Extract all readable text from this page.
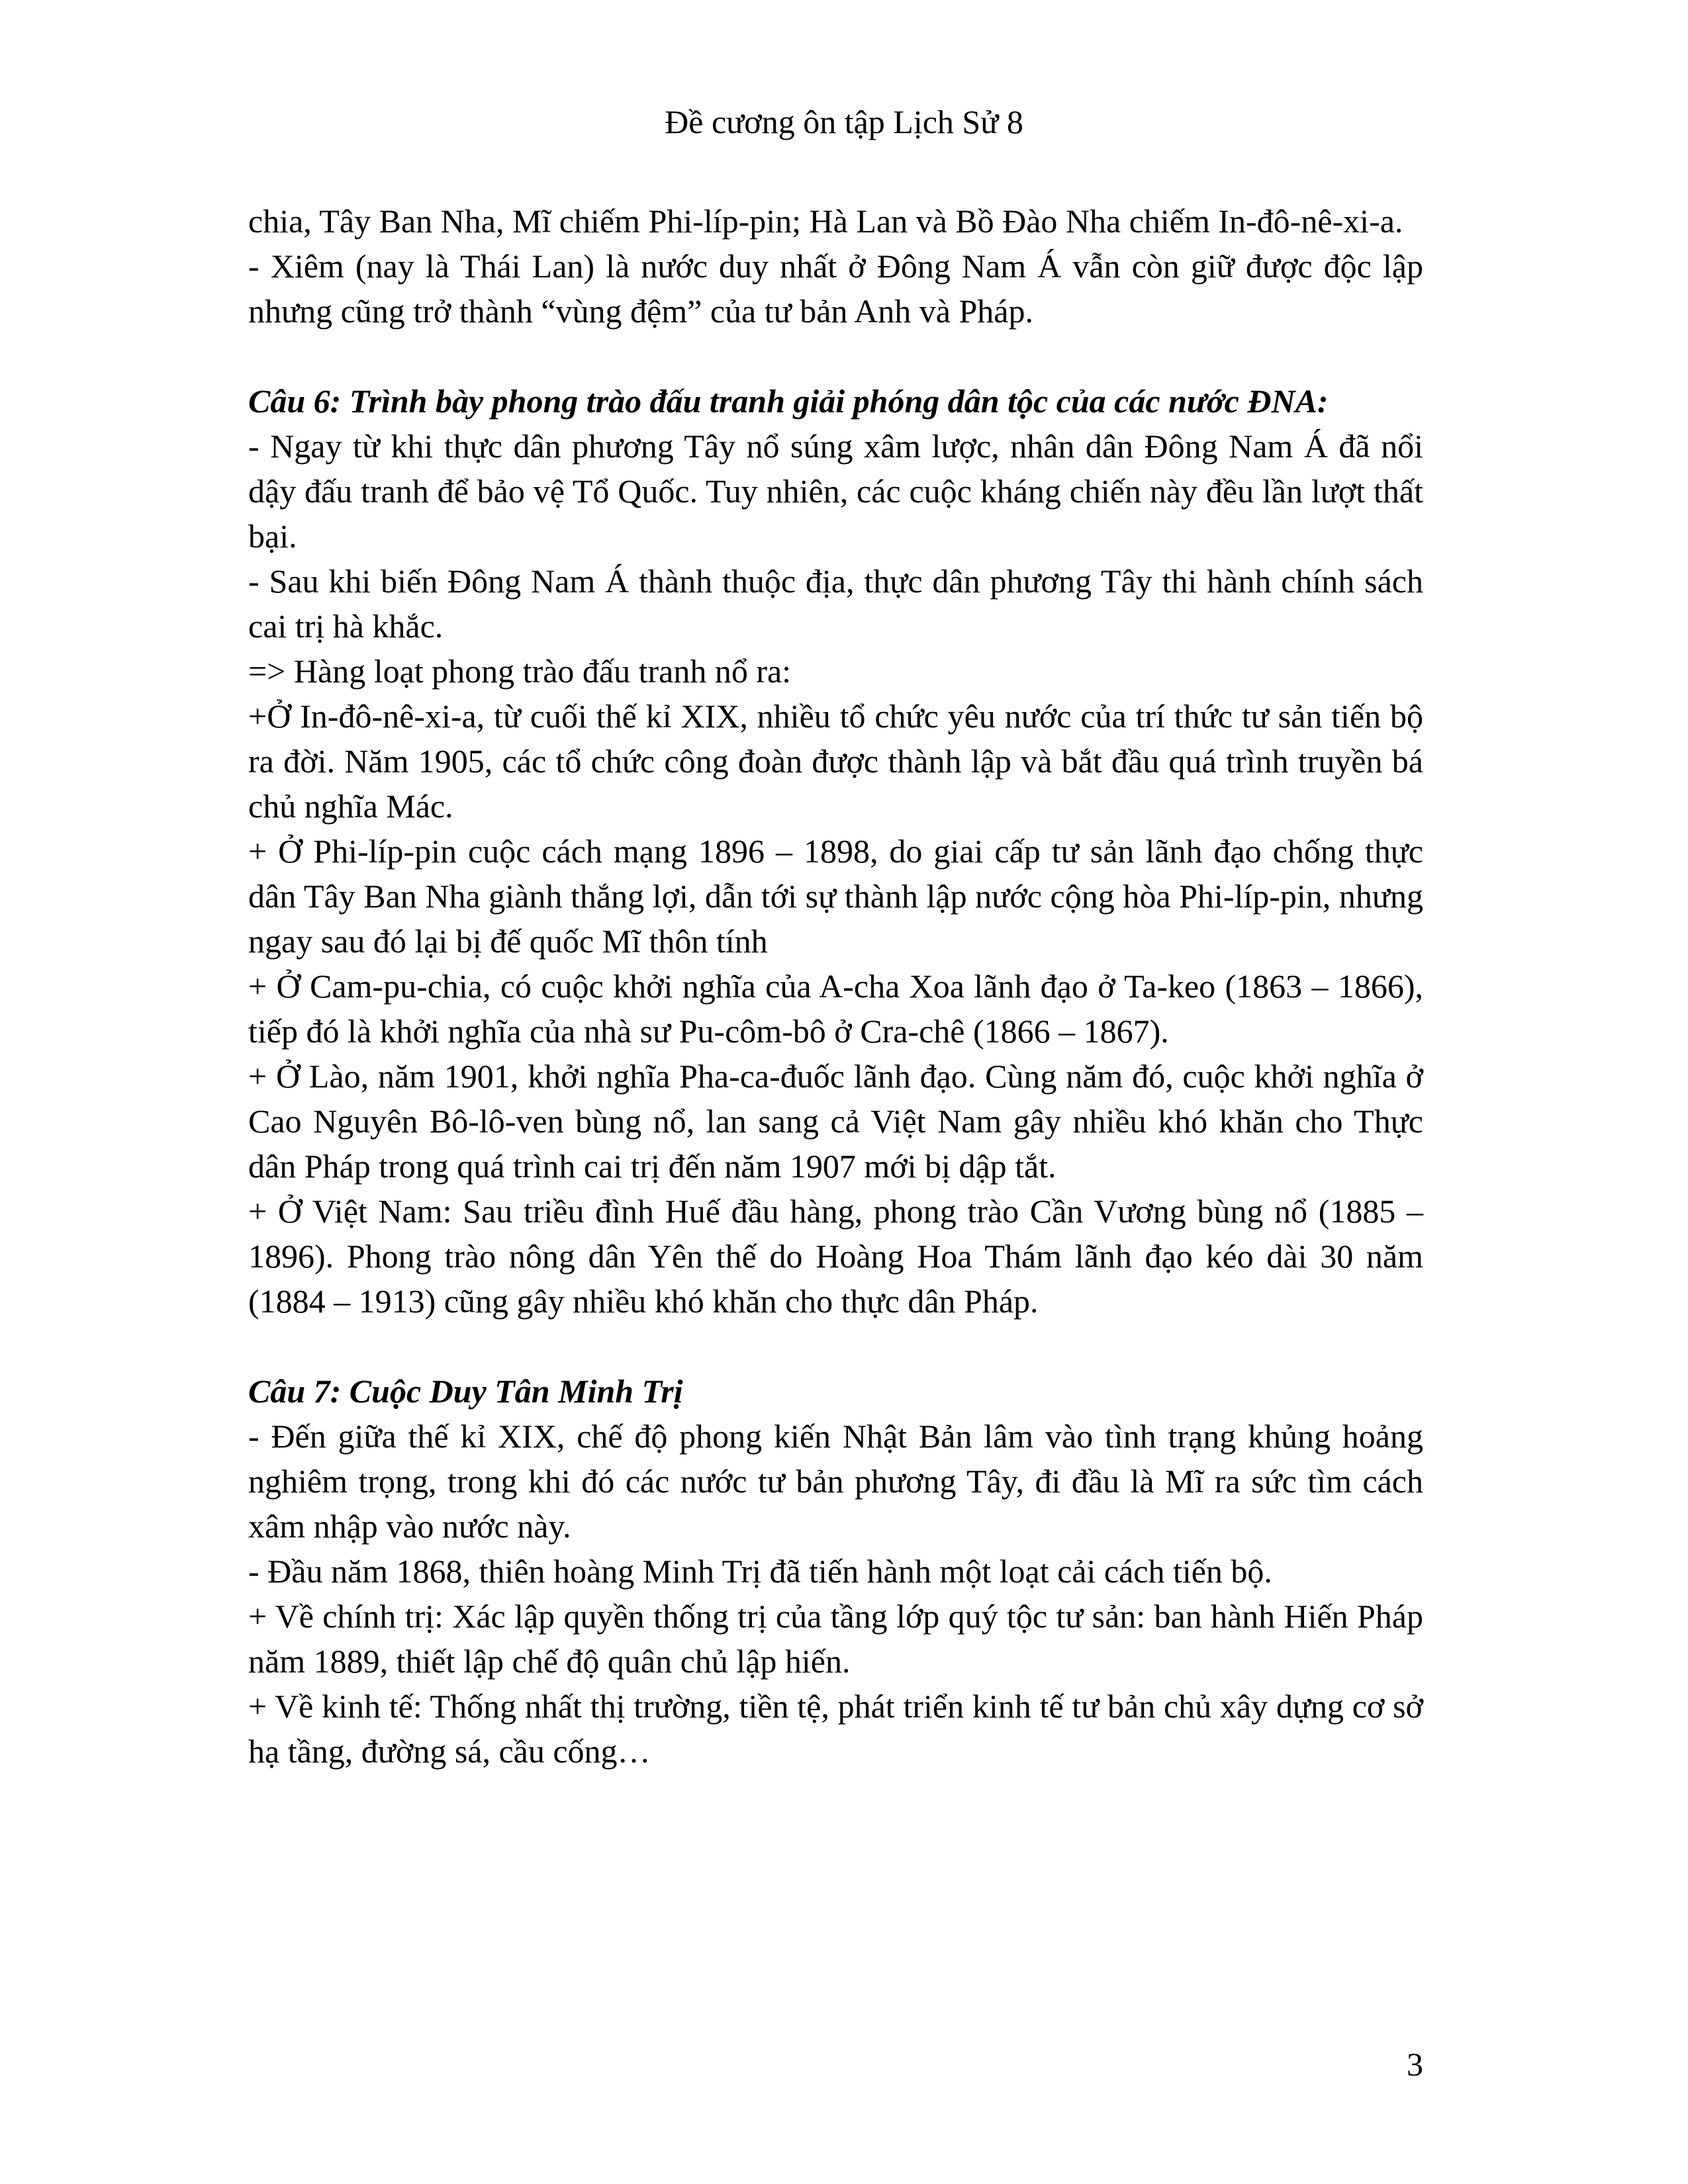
Đề cương ôn tập Lịch Sử 8

chia, Tây Ban Nha, Mĩ chiếm Phi-líp-pin; Hà Lan và Bồ Đào Nha chiếm In-đô-nê-xi-a.

- Xiêm (nay là Thái Lan) là nước duy nhất ở Đông Nam Á vẫn còn giữ được độc lập nhưng cũng trở thành “vùng đệm” của tư bản Anh và Pháp.

Câu 6: Trình bày phong trào đấu tranh giải phóng dân tộc của các nước ĐNA:

- Ngay từ khi thực dân phương Tây nổ súng xâm lược, nhân dân Đông Nam Á đã nổi dậy đấu tranh để bảo vệ Tổ Quốc. Tuy nhiên, các cuộc kháng chiến này đều lần lượt thất bại.

- Sau khi biến Đông Nam Á thành thuộc địa, thực dân phương Tây thi hành chính sách cai trị hà khắc.

=> Hàng loạt phong trào đấu tranh nổ ra:

+Ở In-đô-nê-xi-a, từ cuối thế kỉ XIX, nhiều tổ chức yêu nước của trí thức tư sản tiến bộ ra đời. Năm 1905, các tổ chức công đoàn được thành lập và bắt đầu quá trình truyền bá chủ nghĩa Mác.

+ Ở Phi-líp-pin cuộc cách mạng 1896 – 1898, do giai cấp tư sản lãnh đạo chống thực dân Tây Ban Nha giành thắng lợi, dẫn tới sự thành lập nước cộng hòa Phi-líp-pin, nhưng ngay sau đó lại bị đế quốc Mĩ thôn tính

+ Ở Cam-pu-chia, có cuộc khởi nghĩa của A-cha Xoa lãnh đạo ở Ta-keo (1863 – 1866), tiếp đó là khởi nghĩa của nhà sư Pu-côm-bô ở Cra-chê (1866 – 1867).

+ Ở Lào, năm 1901, khởi nghĩa Pha-ca-đuốc lãnh đạo. Cùng năm đó, cuộc khởi nghĩa ở Cao Nguyên Bô-lô-ven bùng nổ, lan sang cả Việt Nam gây nhiều khó khăn cho Thực dân Pháp trong quá trình cai trị đến năm 1907 mới bị dập tắt.

+ Ở Việt Nam: Sau triều đình Huế đầu hàng, phong trào Cần Vương bùng nổ (1885 – 1896). Phong trào nông dân Yên thế do Hoàng Hoa Thám lãnh đạo kéo dài 30 năm (1884 – 1913) cũng gây nhiều khó khăn cho thực dân Pháp.

Câu 7: Cuộc Duy Tân Minh Trị

- Đến giữa thế kỉ XIX, chế độ phong kiến Nhật Bản lâm vào tình trạng khủng hoảng nghiêm trọng, trong khi đó các nước tư bản phương Tây, đi đầu là Mĩ ra sức tìm cách xâm nhập vào nước này.

- Đầu năm 1868, thiên hoàng Minh Trị đã tiến hành một loạt cải cách tiến bộ.

+ Về chính trị: Xác lập quyền thống trị của tầng lớp quý tộc tư sản: ban hành Hiến Pháp năm 1889, thiết lập chế độ quân chủ lập hiến.

+ Về kinh tế: Thống nhất thị trường, tiền tệ, phát triển kinh tế tư bản chủ xây dựng cơ sở hạ tầng, đường sá, cầu cống…

3
